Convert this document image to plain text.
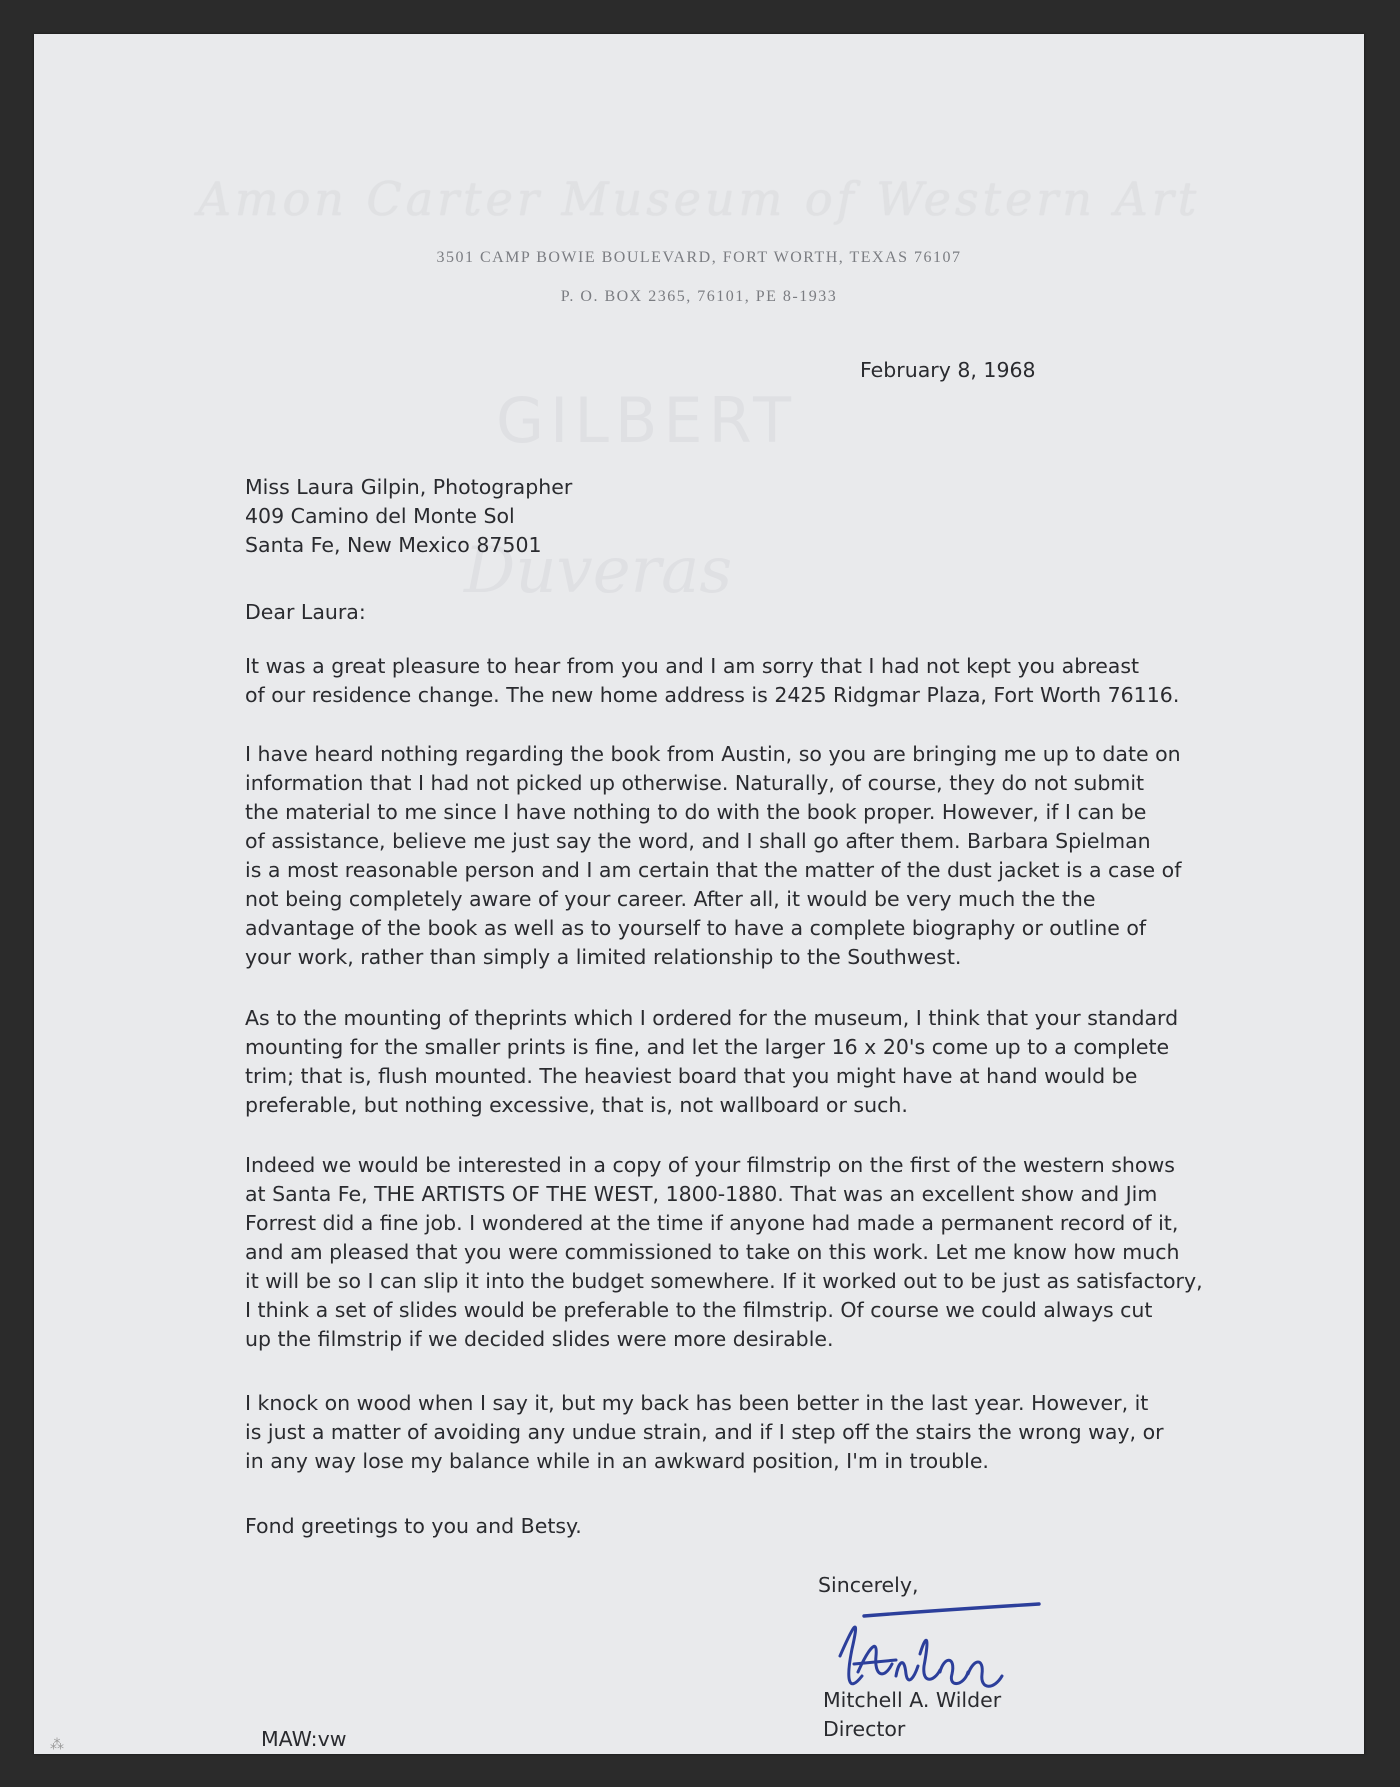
Amon Carter Museum of Western Art
3501 CAMP BOWIE BOULEVARD, FORT WORTH, TEXAS 76107
P. O. BOX 2365, 76101, PE 8-1933
GILBERT
Duveras
February 8, 1968
Miss Laura Gilpin, Photographer
409 Camino del Monte Sol
Santa Fe, New Mexico 87501
Dear Laura:
It was a great pleasure to hear from you and I am sorry that I had not kept you abreast
of our residence change. The new home address is 2425 Ridgmar Plaza, Fort Worth 76116.
I have heard nothing regarding the book from Austin, so you are bringing me up to date on
information that I had not picked up otherwise. Naturally, of course, they do not submit
the material to me since I have nothing to do with the book proper. However, if I can be
of assistance, believe me just say the word, and I shall go after them. Barbara Spielman
is a most reasonable person and I am certain that the matter of the dust jacket is a case of
not being completely aware of your career. After all, it would be very much the the
advantage of the book as well as to yourself to have a complete biography or outline of
your work, rather than simply a limited relationship to the Southwest.
As to the mounting of theprints which I ordered for the museum, I think that your standard
mounting for the smaller prints is fine, and let the larger 16 x 20's come up to a complete
trim; that is, flush mounted. The heaviest board that you might have at hand would be
preferable, but nothing excessive, that is, not wallboard or such.
Indeed we would be interested in a copy of your filmstrip on the first of the western shows
at Santa Fe, THE ARTISTS OF THE WEST, 1800-1880. That was an excellent show and Jim
Forrest did a fine job. I wondered at the time if anyone had made a permanent record of it,
and am pleased that you were commissioned to take on this work. Let me know how much
it will be so I can slip it into the budget somewhere. If it worked out to be just as satisfactory,
I think a set of slides would be preferable to the filmstrip. Of course we could always cut
up the filmstrip if we decided slides were more desirable.
I knock on wood when I say it, but my back has been better in the last year. However, it
is just a matter of avoiding any undue strain, and if I step off the stairs the wrong way, or
in any way lose my balance while in an awkward position, I'm in trouble.
Fond greetings to you and Betsy.
Sincerely,
Mitchell A. Wilder
Director
MAW:vw
⁂
